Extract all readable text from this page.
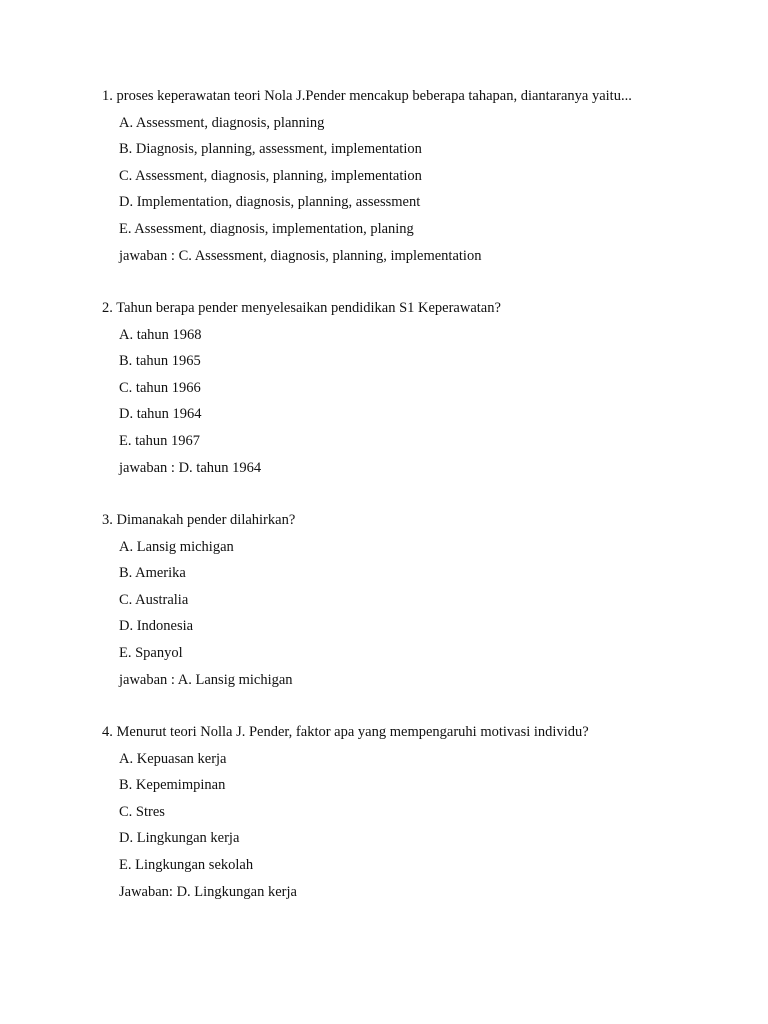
1. proses keperawatan teori Nola J.Pender mencakup beberapa tahapan, diantaranya yaitu...
A. Assessment, diagnosis, planning
B. Diagnosis, planning, assessment, implementation
C. Assessment, diagnosis, planning, implementation
D. Implementation, diagnosis, planning, assessment
E. Assessment, diagnosis, implementation, planing
jawaban : C. Assessment, diagnosis, planning, implementation
2. Tahun berapa pender menyelesaikan pendidikan S1 Keperawatan?
A. tahun 1968
B. tahun 1965
C. tahun 1966
D. tahun 1964
E. tahun 1967
jawaban : D. tahun 1964
3. Dimanakah pender dilahirkan?
A. Lansig michigan
B. Amerika
C. Australia
D. Indonesia
E. Spanyol
jawaban : A. Lansig michigan
4. Menurut teori Nolla J. Pender, faktor apa yang mempengaruhi motivasi individu?
A. Kepuasan kerja
B. Kepemimpinan
C. Stres
D. Lingkungan kerja
E. Lingkungan sekolah
Jawaban: D. Lingkungan kerja
